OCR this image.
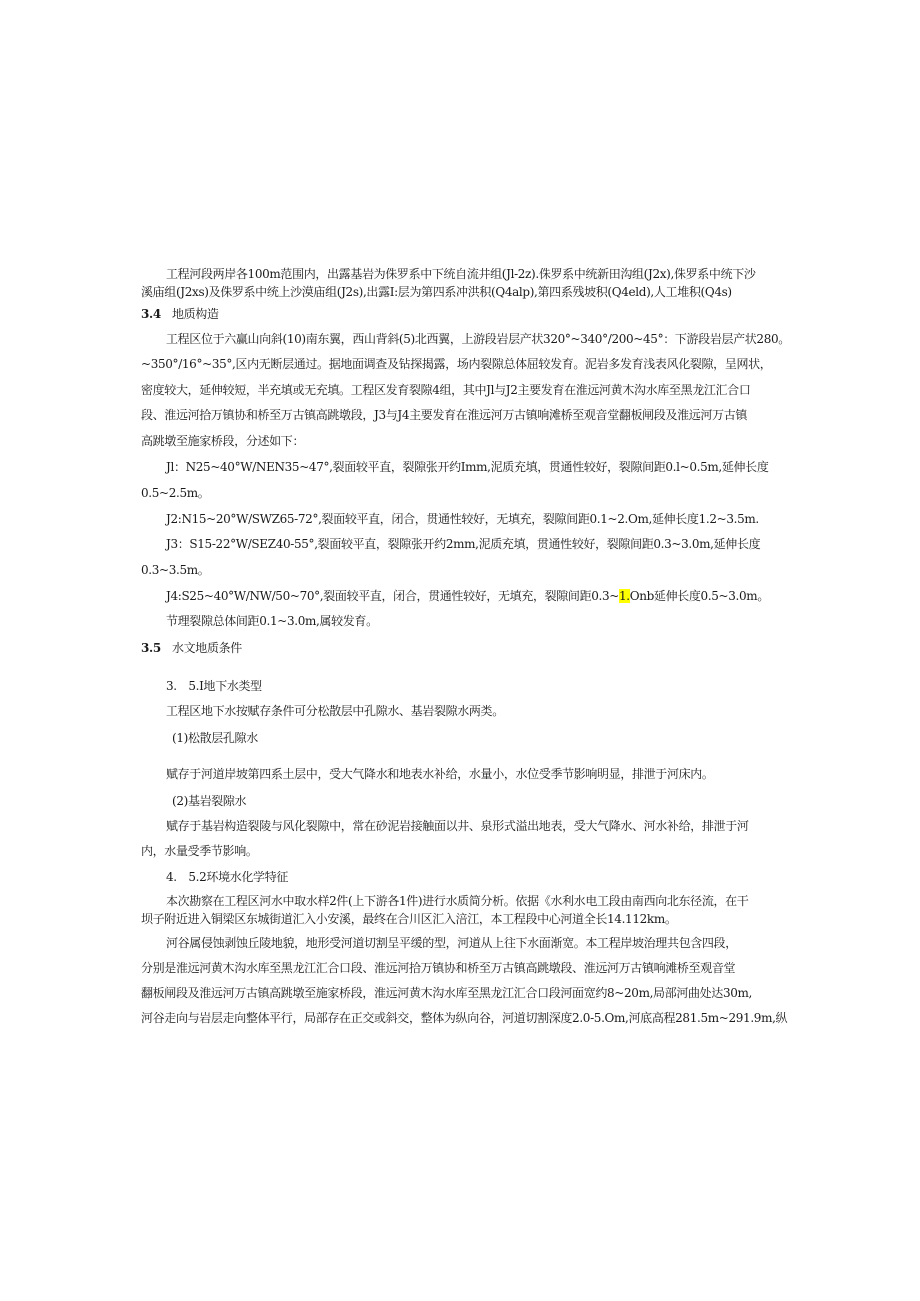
工程河段两岸各100m范围内，出露基岩为侏罗系中下统自流井组(Jl-2z).侏罗系中统新田沟组(J2x),侏罗系中统下沙
溪庙组(J2xs)及侏罗系中统上沙漠庙组(J2s),出露I:层为第四系冲洪积(Q4alp),第四系残坡积(Q4eld),人工堆积(Q4s)
3.4 地质构造
工程区位于六赢山向斜(10)南东翼，西山背斜(5)北西翼，上游段岩层产状320°~340°/200~45°：下游段岩层产状280。
~350°/16°~35°,区内无断层通过。据地面调查及钻探揭露，场内裂隙总体屈较发育。泥岩多发育浅表风化裂隙，呈网状，
密度较大，延伸较短，半充填或无充填。工程区发育裂隙4组，其中Jl与J2主要发育在淮远河黄木沟水库至黑龙江汇合口
段、淮远河拾万镇协和桥至万古镇高跳墩段，J3与J4主要发育在淮远河万古镇响滩桥至观音堂翻板闸段及淮远河万古镇
高跳墩至施家桥段，分述如下：
Jl：N25~40°W/NEN35~47°,裂面较平直，裂隙张开约Imm,泥质充填，贯通性较好，裂隙间距0.l~0.5m,延伸长度
0.5~2.5m。
J2:N15~20°W/SWZ65-72°,裂面较平直，闭合，贯通性较好，无填充，裂隙间距0.1~2.Om,延伸长度1.2~3.5m.
J3：S15-22°W/SEZ40-55°,裂面较平直，裂隙张开约2mm,泥质充填，贯通性较好，裂隙间距0.3~3.0m,延伸长度
0.3~3.5m。
J4:S25~40°W/NW/50~70°,裂面较平直，闭合，贯通性较好，无填充，裂隙间距0.3~1.Onb延伸长度0.5~3.0m。
节理裂隙总体间距0.1~3.0m,属较发育。
3.5 水文地质条件
3.　5.I地下水类型
工程区地下水按赋存条件可分松散层中孔隙水、基岩裂隙水两类。
(1)松散层孔隙水
赋存于河道岸坡第四系土层中，受大气降水和地表水补给，水量小，水位受季节影响明显，排泄于河床内。
(2)基岩裂隙水
赋存于基岩构造裂陵与风化裂隙中，常在砂泥岩接触面以井、泉形式溢出地表，受大气降水、河水补给，排泄于河
内，水量受季节影响。
4.　5.2环境水化学特征
本次勘察在工程区河水中取水样2件(上下游各1件)进行水质简分析。依据《水利水电工段由南西向北东径流，在干
坝子附近进入铜梁区东城街道汇入小安溪，最终在合川区汇入涪江，本工程段中心河道全长14.112km。
河谷属侵蚀剥蚀丘陵地貌，地形受河道切割呈平缓的型，河道从上往下水面渐宽。本工程岸坡治理共包含四段，
分别是淮远河黄木沟水库至黑龙江汇合口段、淮远河拾万镇协和桥至万古镇高跳墩段、淮远河万古镇响滩桥至观音堂
翻板闸段及淮远河万古镇高跳墩至施家桥段，淮远河黄木沟水库至黑龙江汇合口段河面宽约8~20m,局部河曲处达30m,
河谷走向与岩层走向整体平行，局部存在正交或斜交，整体为纵向谷，河道切割深度2.0-5.Om,河底高程281.5m~291.9m,纵
